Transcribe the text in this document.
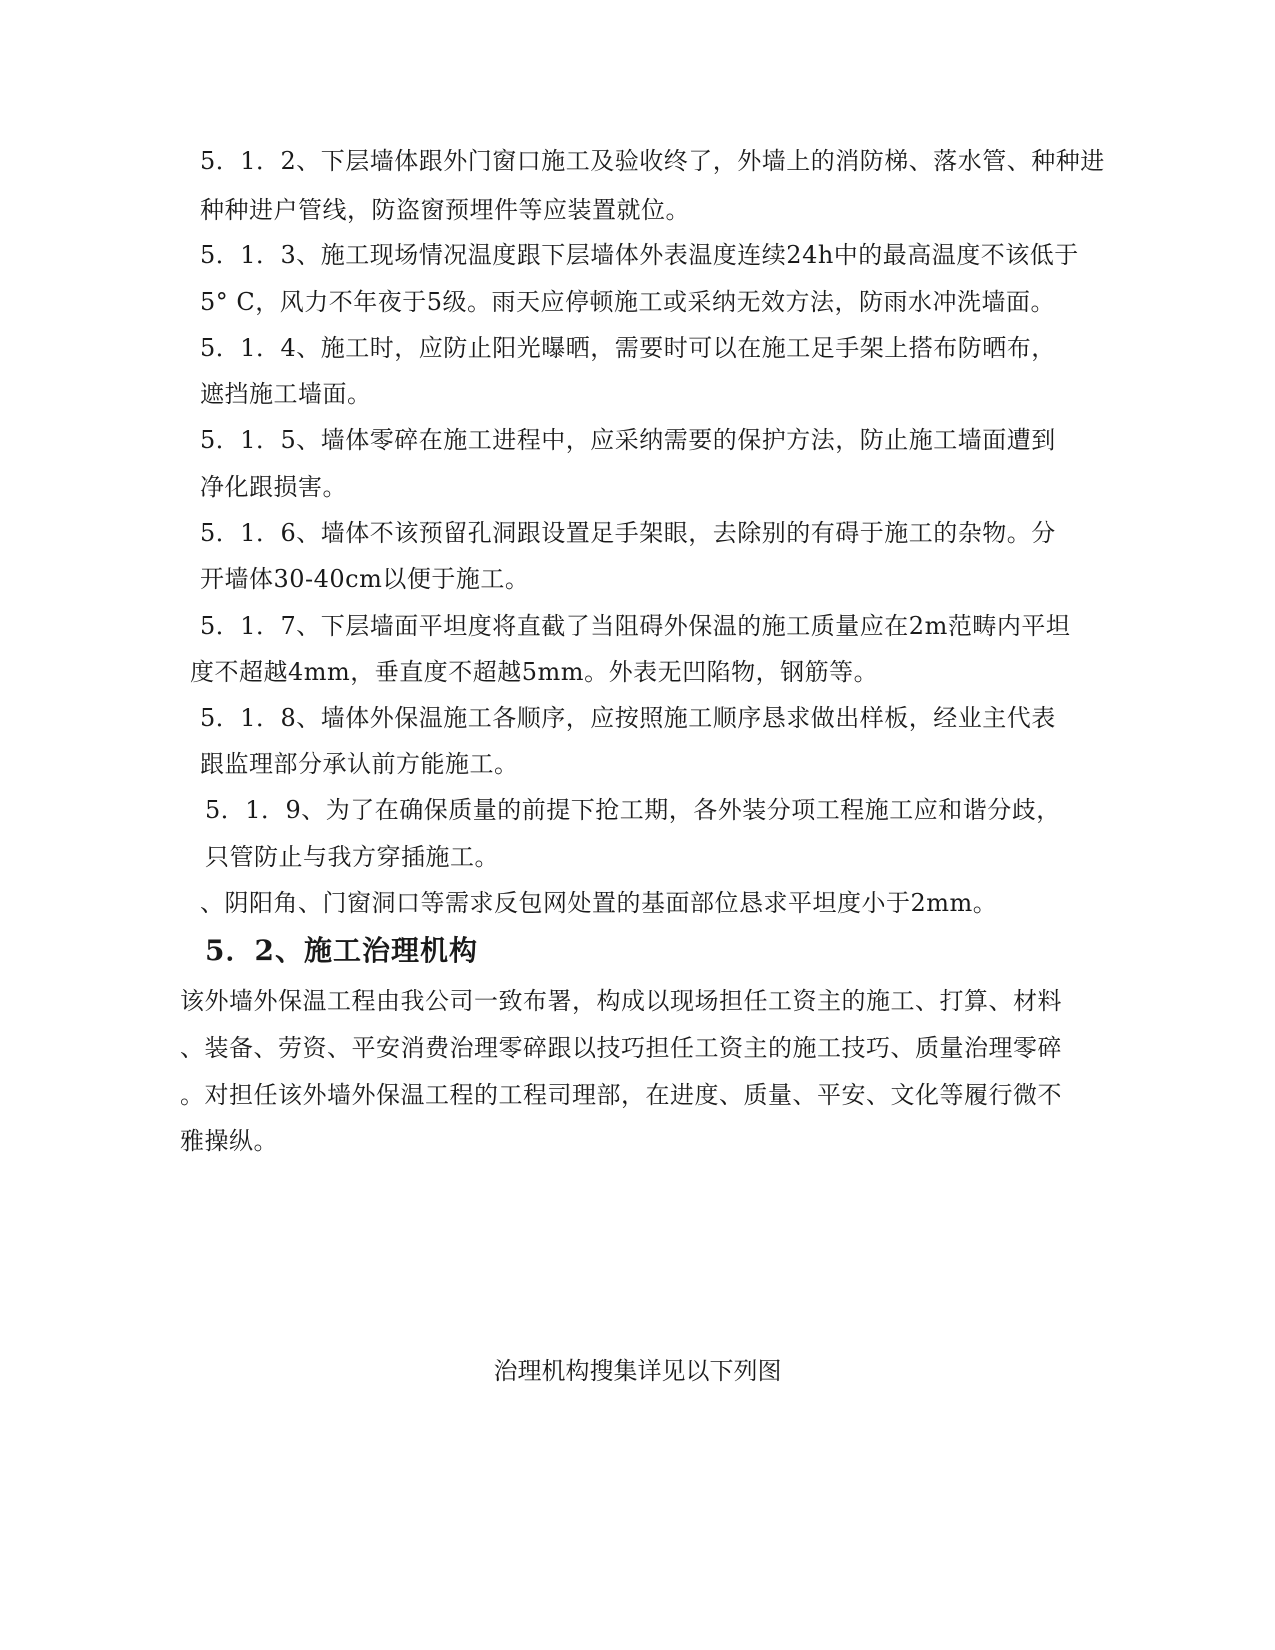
5．1．2、下层墙体跟外门窗口施工及验收终了，外墙上的消防梯、落水管、种种进
种种进户管线，防盗窗预埋件等应装置就位。
5．1．3、施工现场情况温度跟下层墙体外表温度连续24h中的最高温度不该低于
5° C，风力不年夜于5级。雨天应停顿施工或采纳无效方法，防雨水冲洗墙面。
5．1．4、施工时，应防止阳光曝晒，需要时可以在施工足手架上搭布防晒布，
遮挡施工墙面。
5．1．5、墙体零碎在施工进程中，应采纳需要的保护方法，防止施工墙面遭到
净化跟损害。
5．1．6、墙体不该预留孔洞跟设置足手架眼，去除别的有碍于施工的杂物。分
开墙体30-40cm以便于施工。
5．1．7、下层墙面平坦度将直截了当阻碍外保温的施工质量应在2m范畴内平坦
度不超越4mm，垂直度不超越5mm。外表无凹陷物，钢筋等。
5．1．8、墙体外保温施工各顺序，应按照施工顺序恳求做出样板，经业主代表
跟监理部分承认前方能施工。
5．1．9、为了在确保质量的前提下抢工期，各外装分项工程施工应和谐分歧，
只管防止与我方穿插施工。
、阴阳角、门窗洞口等需求反包网处置的基面部位恳求平坦度小于2mm。
5．2、施工治理机构
该外墙外保温工程由我公司一致布署，构成以现场担任工资主的施工、打算、材料
、装备、劳资、平安消费治理零碎跟以技巧担任工资主的施工技巧、质量治理零碎
。对担任该外墙外保温工程的工程司理部，在进度、质量、平安、文化等履行微不
雅操纵。
治理机构搜集详见以下列图
